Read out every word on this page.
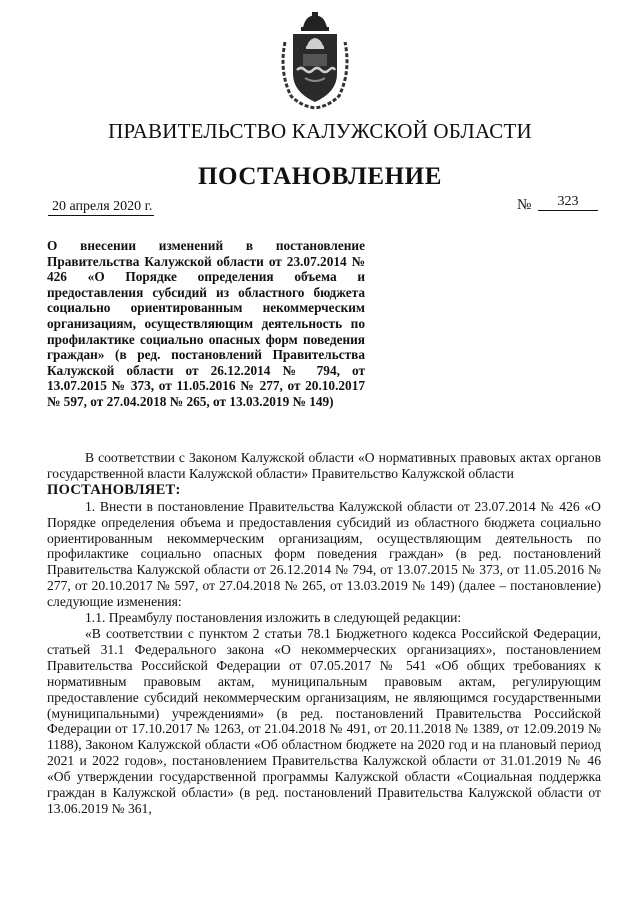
ПРАВИТЕЛЬСТВО КАЛУЖСКОЙ ОБЛАСТИ
ПОСТАНОВЛЕНИЕ
20 апреля 2020 г.	№	323

О внесении изменений в постановление Правительства Калужской области от 23.07.2014 № 426 «О Порядке определения объема и предоставления субсидий из областного бюджета социально ориентированным некоммерческим организациям, осуществляющим деятельность по профилактике социально опасных форм поведения граждан» (в ред. постановлений Правительства Калужской области от 26.12.2014 № 794, от 13.07.2015 № 373, от 11.05.2016 № 277, от 20.10.2017 № 597, от 27.04.2018 № 265, от 13.03.2019 № 149)

В соответствии с Законом Калужской области «О нормативных правовых актах органов государственной власти Калужской области» Правительство Калужской области

ПОСТАНОВЛЯЕТ:

1. Внести в постановление Правительства Калужской области от 23.07.2014 № 426 «О Порядке определения объема и предоставления субсидий из областного бюджета социально ориентированным некоммерческим организациям, осуществляющим деятельность по профилактике социально опасных форм поведения граждан» (в ред. постановлений Правительства Калужской области от 26.12.2014 № 794, от 13.07.2015 № 373, от 11.05.2016 № 277, от 20.10.2017 № 597, от 27.04.2018 № 265, от 13.03.2019 № 149) (далее – постановление) следующие изменения:

1.1. Преамбулу постановления изложить в следующей редакции:

«В соответствии с пунктом 2 статьи 78.1 Бюджетного кодекса Российской Федерации, статьей 31.1 Федерального закона «О некоммерческих организациях», постановлением Правительства Российской Федерации от 07.05.2017 № 541 «Об общих требованиях к нормативным правовым актам, муниципальным правовым актам, регулирующим предоставление субсидий некоммерческим организациям, не являющимся государственными (муниципальными) учреждениями» (в ред. постановлений Правительства Российской Федерации от 17.10.2017 № 1263, от 21.04.2018 № 491, от 20.11.2018 № 1389, от 12.09.2019 № 1188), Законом Калужской области «Об областном бюджете на 2020 год и на плановый период 2021 и 2022 годов», постановлением Правительства Калужской области от 31.01.2019 № 46 «Об утверждении государственной программы Калужской области «Социальная поддержка граждан в Калужской области» (в ред. постановлений Правительства Калужской области от 13.06.2019 № 361,
